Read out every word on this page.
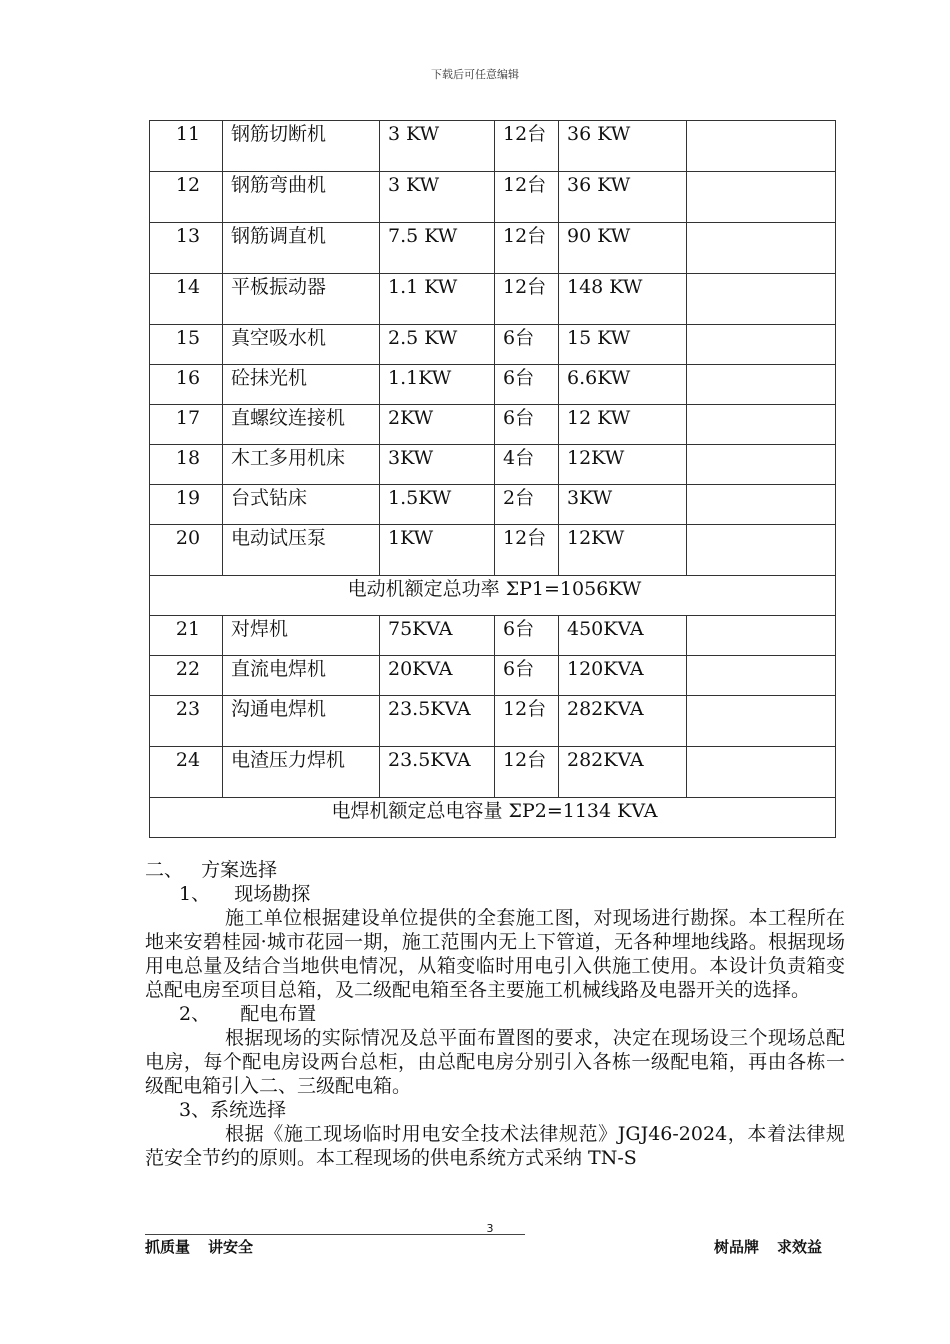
下载后可任意编辑
11	钢筋切断机	3 KW	12台	36 KW	
12	钢筋弯曲机	3 KW	12台	36 KW	
13	钢筋调直机	7.5 KW	12台	90 KW	
14	平板振动器	1.1 KW	12台	148 KW	
15	真空吸水机	2.5 KW	6台	15 KW	
16	砼抹光机	1.1KW	6台	6.6KW	
17	直螺纹连接机	2KW	6台	12 KW	
18	木工多用机床	3KW	4台	12KW	
19	台式钻床	1.5KW	2台	3KW	
20	电动试压泵	1KW	12台	12KW	
电动机额定总功率 ΣP1=1056KW					
21	对焊机	75KVA	6台	450KVA	
22	直流电焊机	20KVA	6台	120KVA	
23	沟通电焊机	23.5KVA	12台	282KVA	
24	电渣压力焊机	23.5KVA	12台	282KVA	
电焊机额定总电容量 ΣP2=1134 KVA					

二、 方案选择

1、 现场勘探

施工单位根据建设单位提供的全套施工图，对现场进行勘探。本工程所在地来安碧桂园·城市花园一期，施工范围内无上下管道，无各种埋地线路。根据现场用电总量及结合当地供电情况，从箱变临时用电引入供施工使用。本设计负责箱变总配电房至项目总箱，及二级配电箱至各主要施工机械线路及电器开关的选择。

2、 配电布置

根据现场的实际情况及总平面布置图的要求，决定在现场设三个现场总配电房，每个配电房设两台总柜，由总配电房分别引入各栋一级配电箱，再由各栋一级配电箱引入二、三级配电箱。

3、系统选择

根据《施工现场临时用电安全技术法律规范》JGJ46-2024，本着法律规范安全节约的原则。本工程现场的供电系统方式采纳 TN-S

3
抓质量 讲安全	树品牌 求效益
